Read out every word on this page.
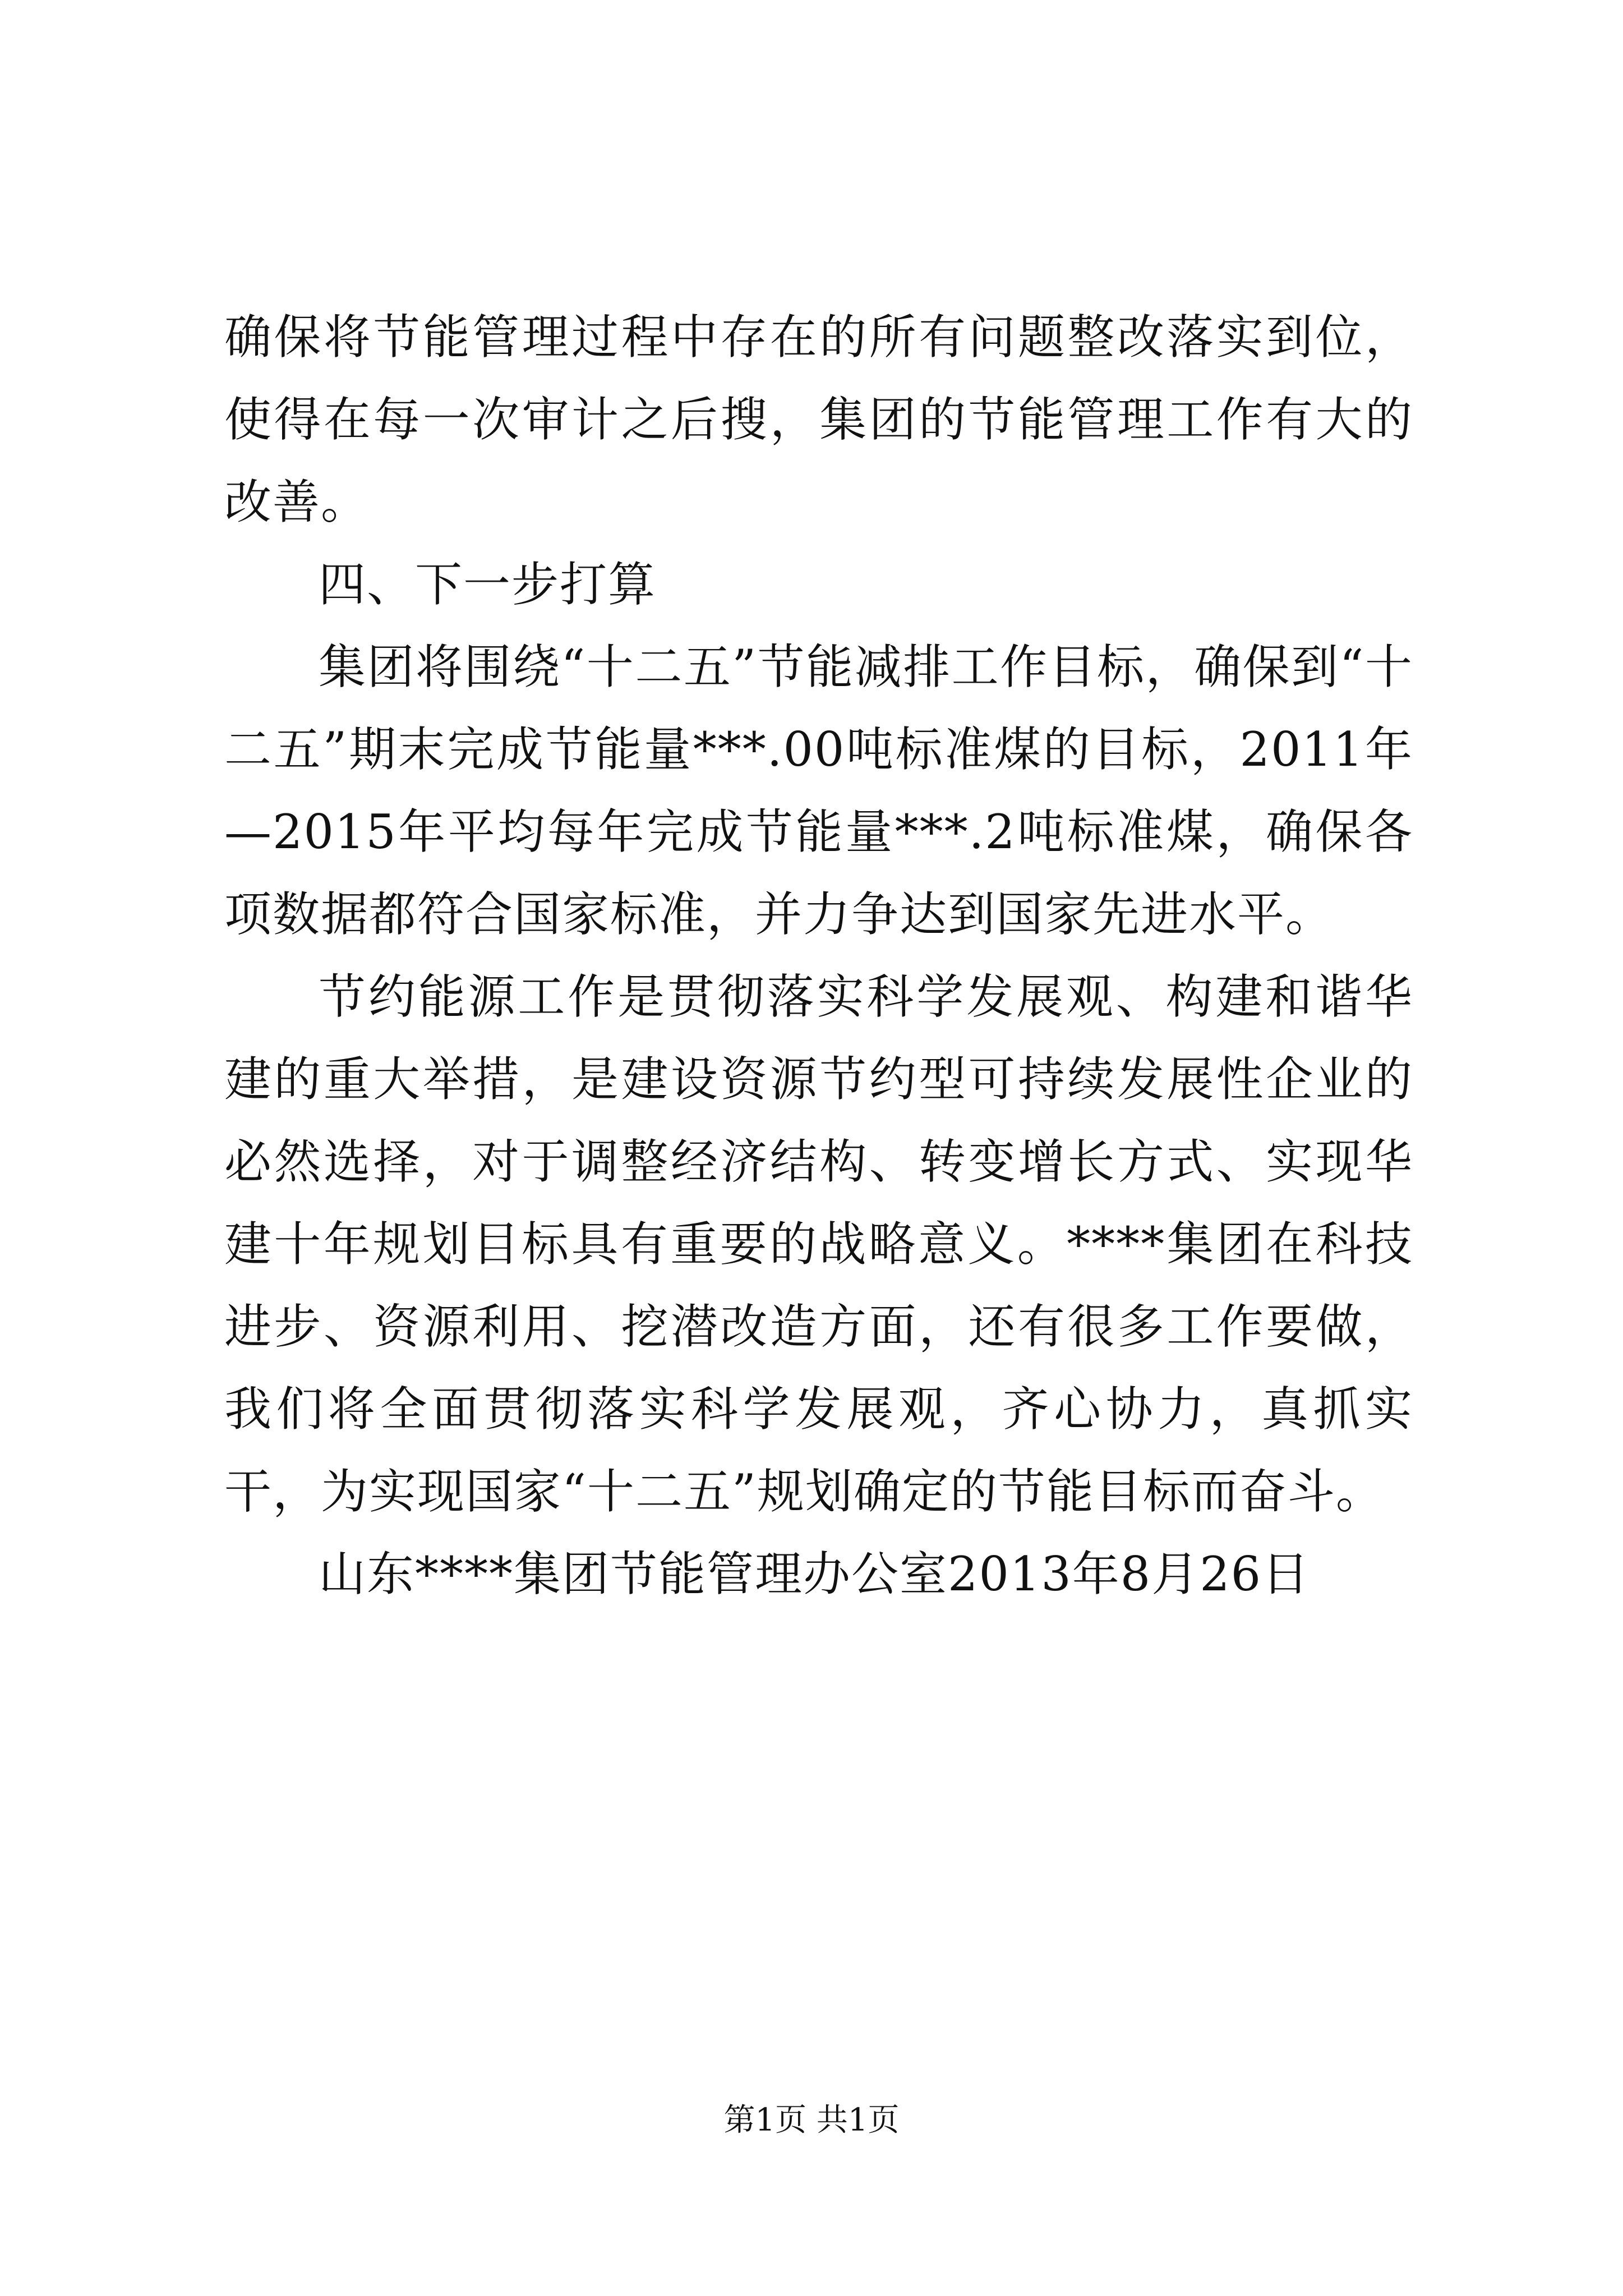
确保将节能管理过程中存在的所有问题整改落实到位，使得在每一次审计之后搜，集团的节能管理工作有大的改善。

四、下一步打算

集团将围绕“十二五”节能减排工作目标，确保到“十二五”期末完成节能量***.00吨标准煤的目标，2011年—2015年平均每年完成节能量***.2吨标准煤，确保各项数据都符合国家标准，并力争达到国家先进水平。

节约能源工作是贯彻落实科学发展观、构建和谐华建的重大举措，是建设资源节约型可持续发展性企业的必然选择，对于调整经济结构、转变增长方式、实现华建十年规划目标具有重要的战略意义。****集团在科技进步、资源利用、挖潜改造方面，还有很多工作要做，我们将全面贯彻落实科学发展观，齐心协力，真抓实干，为实现国家“十二五”规划确定的节能目标而奋斗。

山东****集团节能管理办公室2013年8月26日

第1页 共1页
